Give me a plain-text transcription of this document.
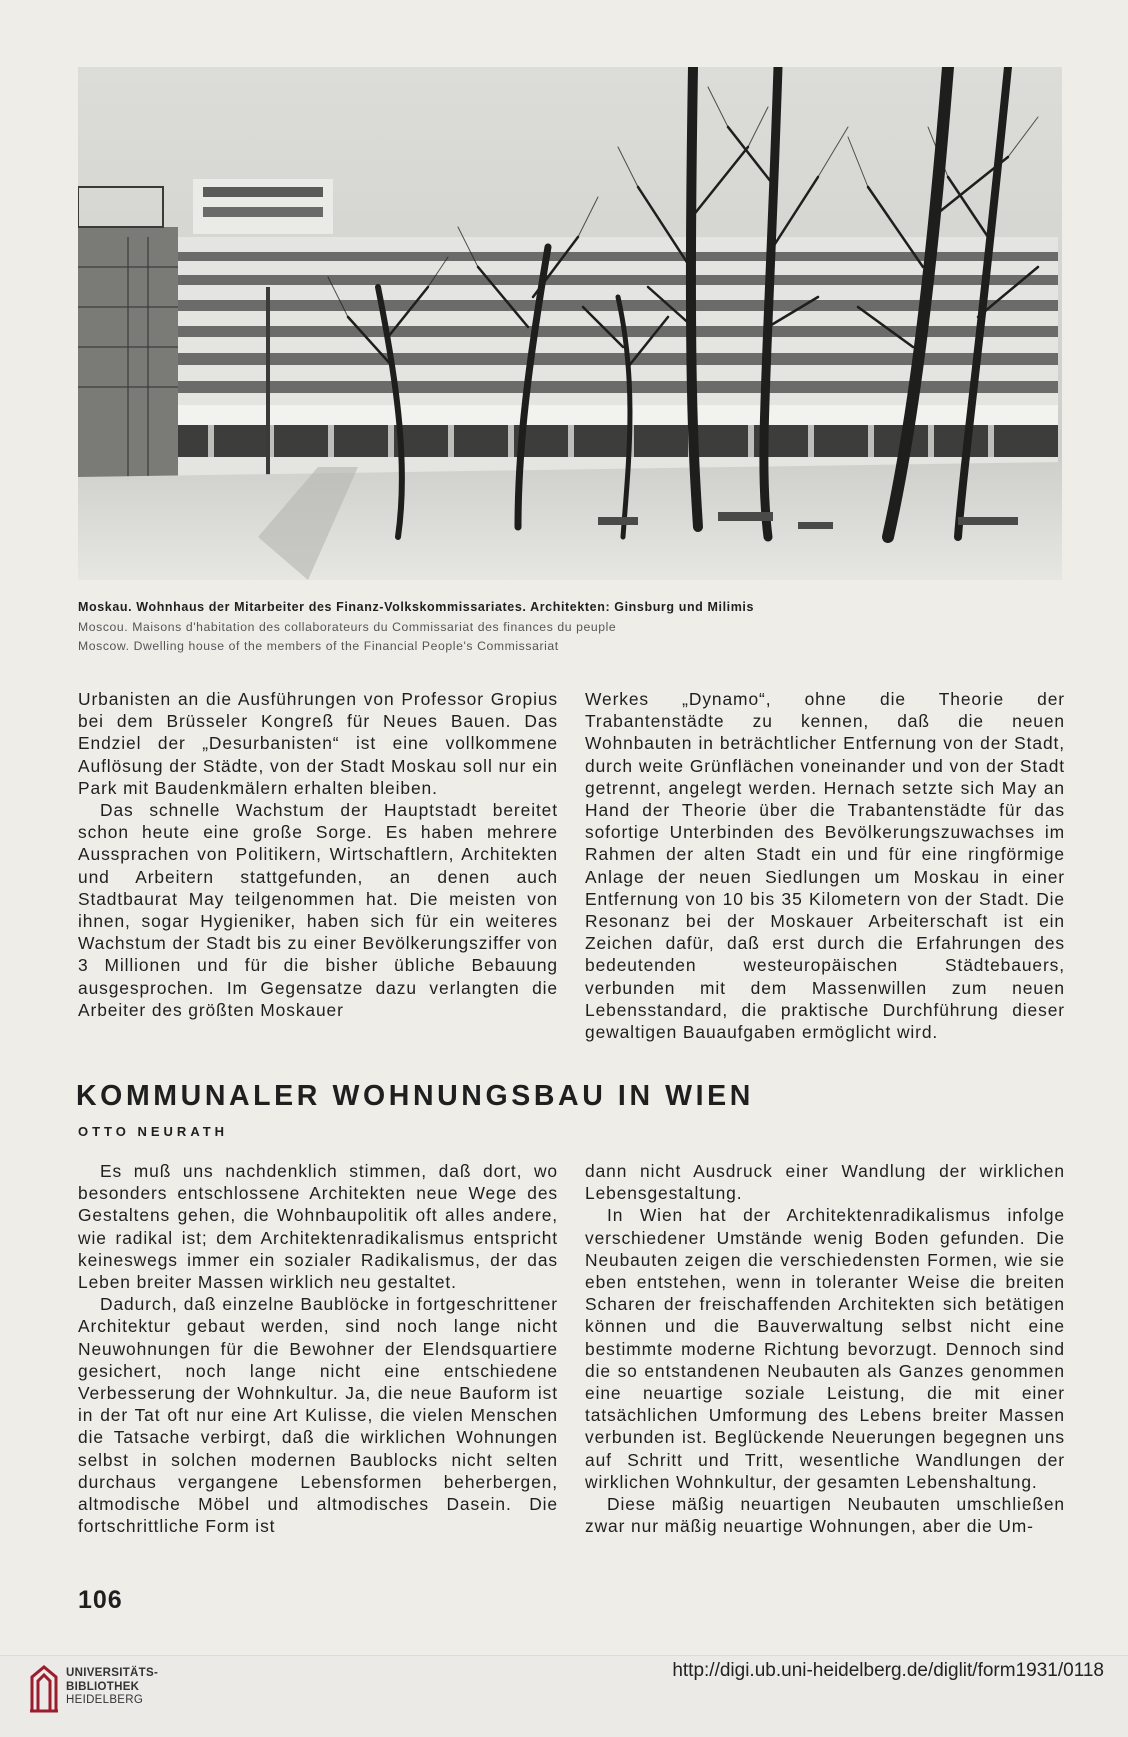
Moskau. Wohnhaus der Mitarbeiter des Finanz-Volkskommissariates. Architekten: Ginsburg und Milimis
Moscou. Maisons d'habitation des collaborateurs du Commissariat des finances du peuple
Moscow. Dwelling house of the members of the Financial People's Commissariat

Urbanisten an die Ausführungen von Professor Gropius bei dem Brüsseler Kongreß für Neues Bauen. Das Endziel der „Desurbanisten“ ist eine vollkommene Auflösung der Städte, von der Stadt Moskau soll nur ein Park mit Baudenkmälern erhalten bleiben.

Das schnelle Wachstum der Hauptstadt bereitet schon heute eine große Sorge. Es haben mehrere Aussprachen von Politikern, Wirtschaftlern, Architekten und Arbeitern stattgefunden, an denen auch Stadtbaurat May teilgenommen hat. Die meisten von ihnen, sogar Hygieniker, haben sich für ein weiteres Wachstum der Stadt bis zu einer Bevölkerungsziffer von 3 Millionen und für die bisher übliche Bebauung ausgesprochen. Im Gegensatze dazu verlangten die Arbeiter des größten Moskauer

Werkes „Dynamo“, ohne die Theorie der Trabantenstädte zu kennen, daß die neuen Wohnbauten in beträchtlicher Entfernung von der Stadt, durch weite Grünflächen voneinander und von der Stadt getrennt, angelegt werden. Hernach setzte sich May an Hand der Theorie über die Trabantenstädte für das sofortige Unterbinden des Bevölkerungszuwachses im Rahmen der alten Stadt ein und für eine ringförmige Anlage der neuen Siedlungen um Moskau in einer Entfernung von 10 bis 35 Kilometern von der Stadt. Die Resonanz bei der Moskauer Arbeiterschaft ist ein Zeichen dafür, daß erst durch die Erfahrungen des bedeutenden westeuropäischen Städtebauers, verbunden mit dem Massenwillen zum neuen Lebensstandard, die praktische Durchführung dieser gewaltigen Bauaufgaben ermöglicht wird.

KOMMUNALER WOHNUNGSBAU IN WIEN
OTTO NEURATH

Es muß uns nachdenklich stimmen, daß dort, wo besonders entschlossene Architekten neue Wege des Gestaltens gehen, die Wohnbaupolitik oft alles andere, wie radikal ist; dem Architektenradikalismus entspricht keineswegs immer ein sozialer Radikalismus, der das Leben breiter Massen wirklich neu gestaltet.

Dadurch, daß einzelne Baublöcke in fortgeschrittener Architektur gebaut werden, sind noch lange nicht Neuwohnungen für die Bewohner der Elendsquartiere gesichert, noch lange nicht eine entschiedene Verbesserung der Wohnkultur. Ja, die neue Bauform ist in der Tat oft nur eine Art Kulisse, die vielen Menschen die Tatsache verbirgt, daß die wirklichen Wohnungen selbst in solchen modernen Baublocks nicht selten durchaus vergangene Lebensformen beherbergen, altmodische Möbel und altmodisches Dasein. Die fortschrittliche Form ist

dann nicht Ausdruck einer Wandlung der wirklichen Lebensgestaltung.

In Wien hat der Architektenradikalismus infolge verschiedener Umstände wenig Boden gefunden. Die Neubauten zeigen die verschiedensten Formen, wie sie eben entstehen, wenn in toleranter Weise die breiten Scharen der freischaffenden Architekten sich betätigen können und die Bauverwaltung selbst nicht eine bestimmte moderne Richtung bevorzugt. Dennoch sind die so entstandenen Neubauten als Ganzes genommen eine neuartige soziale Leistung, die mit einer tatsächlichen Umformung des Lebens breiter Massen verbunden ist. Beglückende Neuerungen begegnen uns auf Schritt und Tritt, wesentliche Wandlungen der wirklichen Wohnkultur, der gesamten Lebenshaltung.

Diese mäßig neuartigen Neubauten umschließen zwar nur mäßig neuartige Wohnungen, aber die Um-

106
UNIVERSITÄTS-
BIBLIOTHEK
HEIDELBERG
http://digi.ub.uni-heidelberg.de/diglit/form1931/0118
